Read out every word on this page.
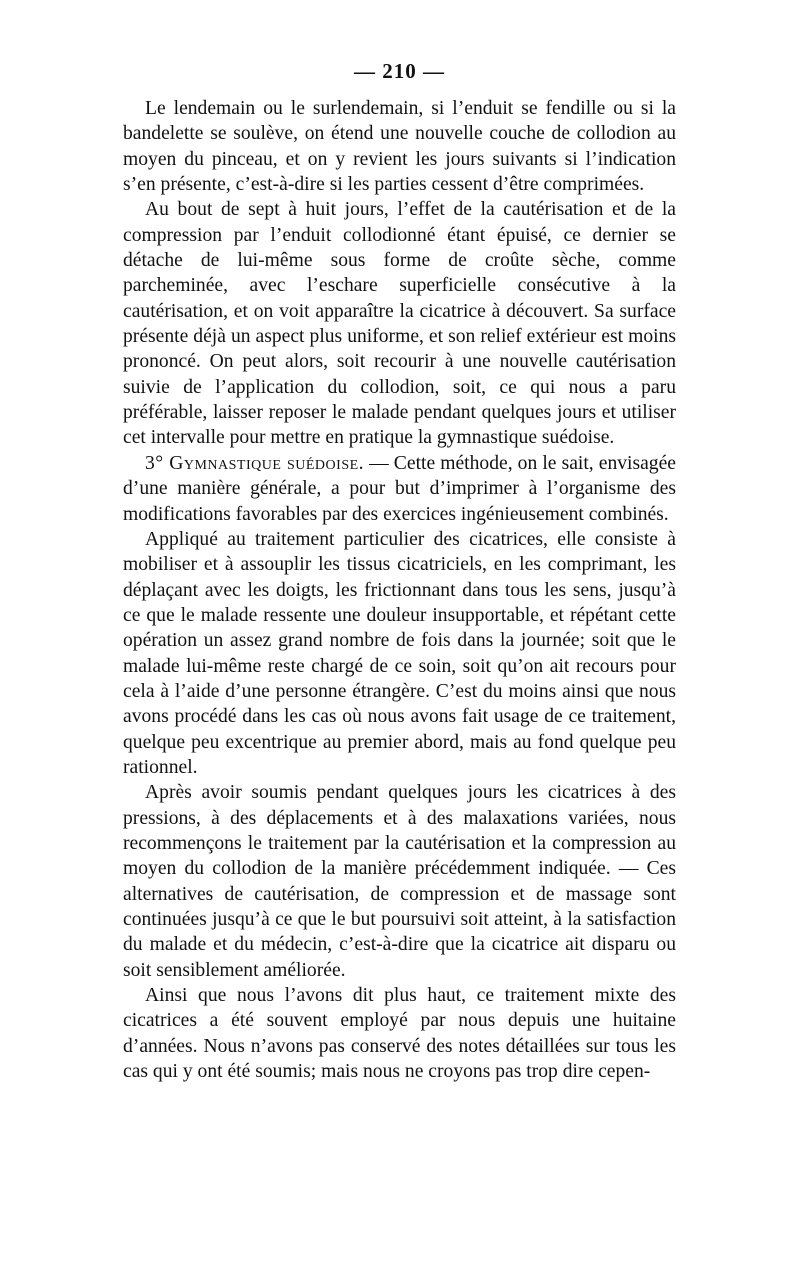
— 210 —

Le lendemain ou le surlendemain, si l’enduit se fendille ou si la bandelette se soulève, on étend une nouvelle couche de collodion au moyen du pinceau, et on y revient les jours suivants si l’indication s’en présente, c’est-à-dire si les parties cessent d’être comprimées.

Au bout de sept à huit jours, l’effet de la cautérisation et de la compression par l’enduit collodionné étant épuisé, ce dernier se détache de lui-même sous forme de croûte sèche, comme parcheminée, avec l’eschare superficielle consécutive à la cautérisation, et on voit apparaître la cicatrice à découvert. Sa surface présente déjà un aspect plus uniforme, et son relief extérieur est moins prononcé. On peut alors, soit recourir à une nouvelle cautérisation suivie de l’application du collodion, soit, ce qui nous a paru préférable, laisser reposer le malade pendant quelques jours et utiliser cet intervalle pour mettre en pratique la gymnastique suédoise.

3° Gymnastique suédoise. — Cette méthode, on le sait, envisagée d’une manière générale, a pour but d’imprimer à l’organisme des modifications favorables par des exercices ingénieusement combinés.

Appliqué au traitement particulier des cicatrices, elle consiste à mobiliser et à assouplir les tissus cicatriciels, en les comprimant, les déplaçant avec les doigts, les frictionnant dans tous les sens, jusqu’à ce que le malade ressente une douleur insupportable, et répétant cette opération un assez grand nombre de fois dans la journée; soit que le malade lui-même reste chargé de ce soin, soit qu’on ait recours pour cela à l’aide d’une personne étrangère. C’est du moins ainsi que nous avons procédé dans les cas où nous avons fait usage de ce traitement, quelque peu excentrique au premier abord, mais au fond quelque peu rationnel.

Après avoir soumis pendant quelques jours les cicatrices à des pressions, à des déplacements et à des malaxations variées, nous recommençons le traitement par la cautérisation et la compression au moyen du collodion de la manière précédemment indiquée. — Ces alternatives de cautérisation, de compression et de massage sont continuées jusqu’à ce que le but poursuivi soit atteint, à la satisfaction du malade et du médecin, c’est-à-dire que la cicatrice ait disparu ou soit sensiblement améliorée.

Ainsi que nous l’avons dit plus haut, ce traitement mixte des cicatrices a été souvent employé par nous depuis une huitaine d’années. Nous n’avons pas conservé des notes détaillées sur tous les cas qui y ont été soumis; mais nous ne croyons pas trop dire cepen-
